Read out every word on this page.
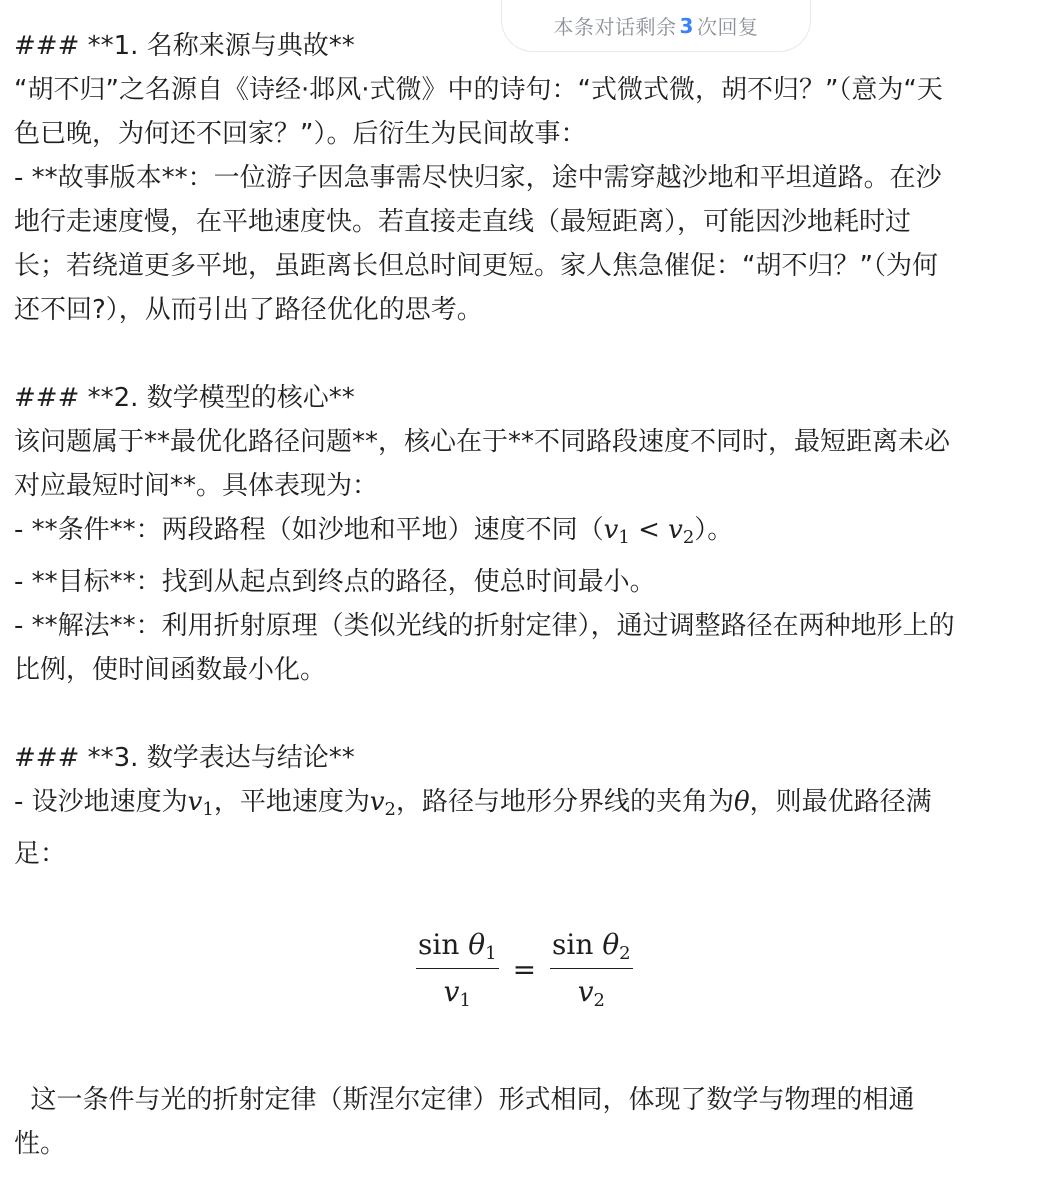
本条对话剩余 3 次回复
### **1. 名称来源与典故**
“胡不归”之名源自《诗经·邶风·式微》中的诗句：“式微式微，胡不归？”（意为“天
色已晚，为何还不回家？”）。后衍生为民间故事：
- **故事版本**：一位游子因急事需尽快归家，途中需穿越沙地和平坦道路。在沙
地行走速度慢，在平地速度快。若直接走直线（最短距离），可能因沙地耗时过
长；若绕道更多平地，虽距离长但总时间更短。家人焦急催促：“胡不归？”（为何
还不回?），从而引出了路径优化的思考。
### **2. 数学模型的核心**
该问题属于**最优化路径问题**，核心在于**不同路段速度不同时，最短距离未必
对应最短时间**。具体表现为：
- **条件**：两段路程（如沙地和平地）速度不同$(v_1 < v_2)$。
- **目标**：找到从起点到终点的路径，使总时间最小。
- **解法**：利用折射原理（类似光线的折射定律），通过调整路径在两种地形上的
比例，使时间函数最小化。
### **3. 数学表达与结论**
- 设沙地速度为$v_1$，平地速度为$v_2$，路径与地形分界线的夹角为θ，则最优路径满
足：
$\frac{\sin \theta_1}{v_1} = \frac{\sin \theta_2}{v_2}$
这一条件与光的折射定律（斯涅尔定律）形式相同，体现了数学与物理的相通
性。
